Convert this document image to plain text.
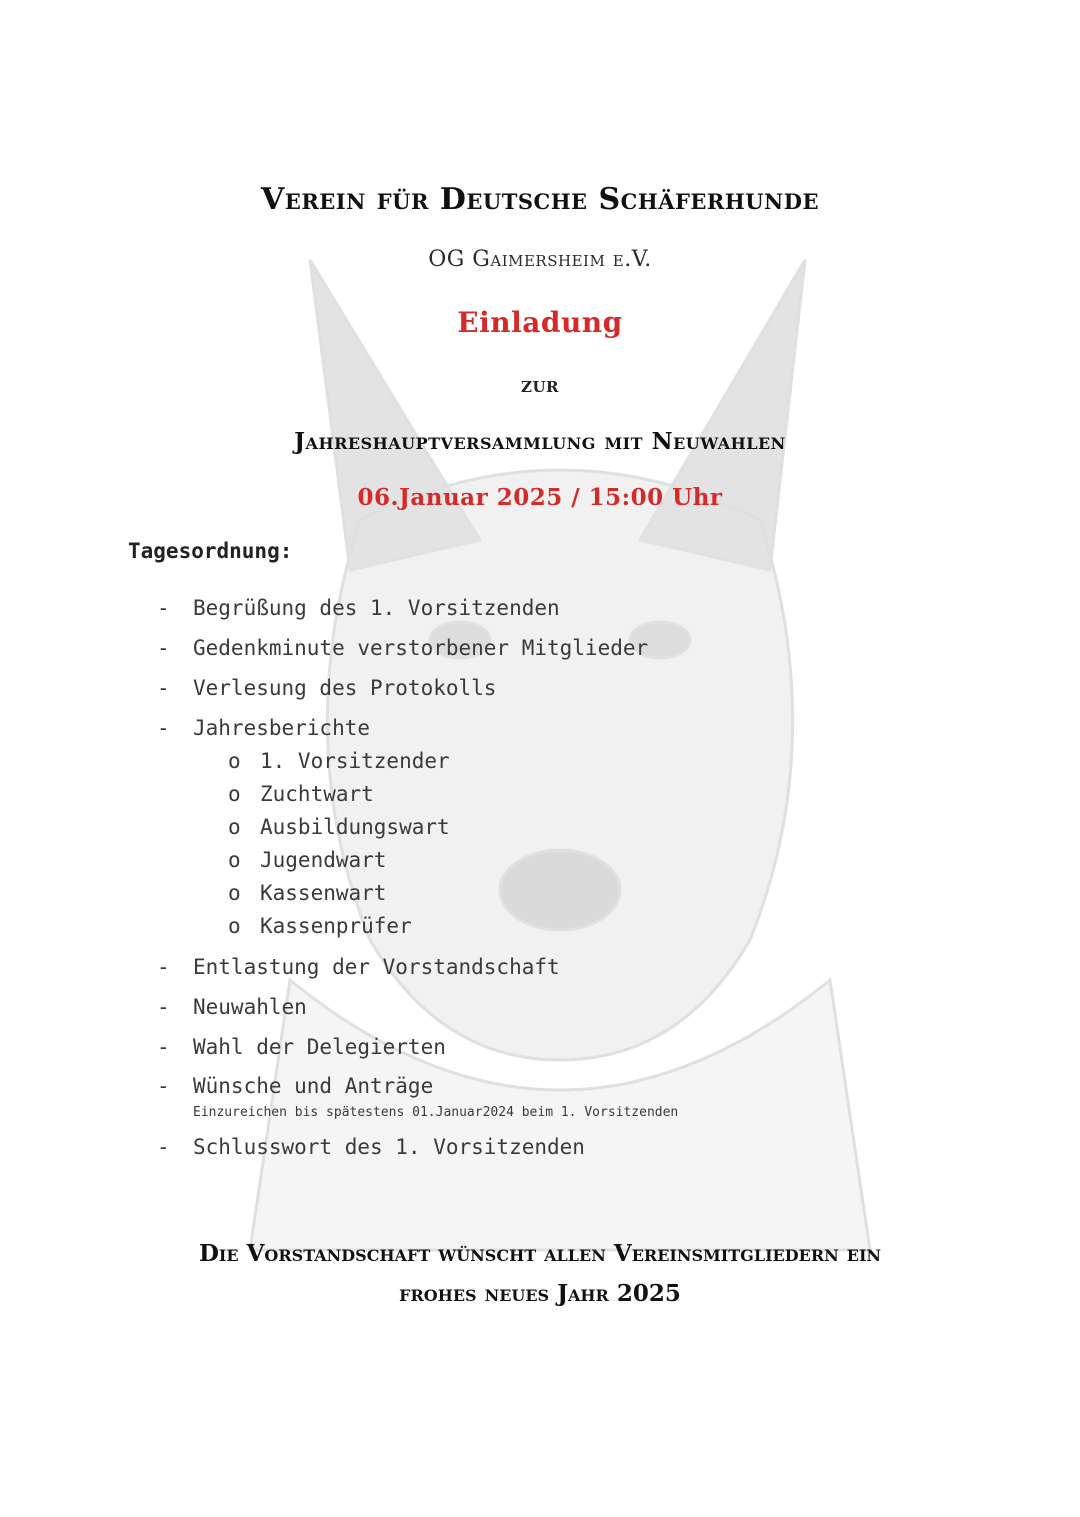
Verein für Deutsche Schäferhunde
OG Gaimersheim e.V.
Einladung
zur
Jahreshauptversammlung mit Neuwahlen
06.Januar 2025 / 15:00 Uhr
Tagesordnung:
- Begrüßung des 1. Vorsitzenden
- Gedenkminute verstorbener Mitglieder
- Verlesung des Protokolls
- Jahresberichte
o 1. Vorsitzender
o Zuchtwart
o Ausbildungswart
o Jugendwart
o Kassenwart
o Kassenprüfer
- Entlastung der Vorstandschaft
- Neuwahlen
- Wahl der Delegierten
- Wünsche und Anträge
Einzureichen bis spätestens 01.Januar2024 beim 1. Vorsitzenden
- Schlusswort des 1. Vorsitzenden
Die Vorstandschaft wünscht allen Vereinsmitgliedern ein
frohes neues Jahr 2025
